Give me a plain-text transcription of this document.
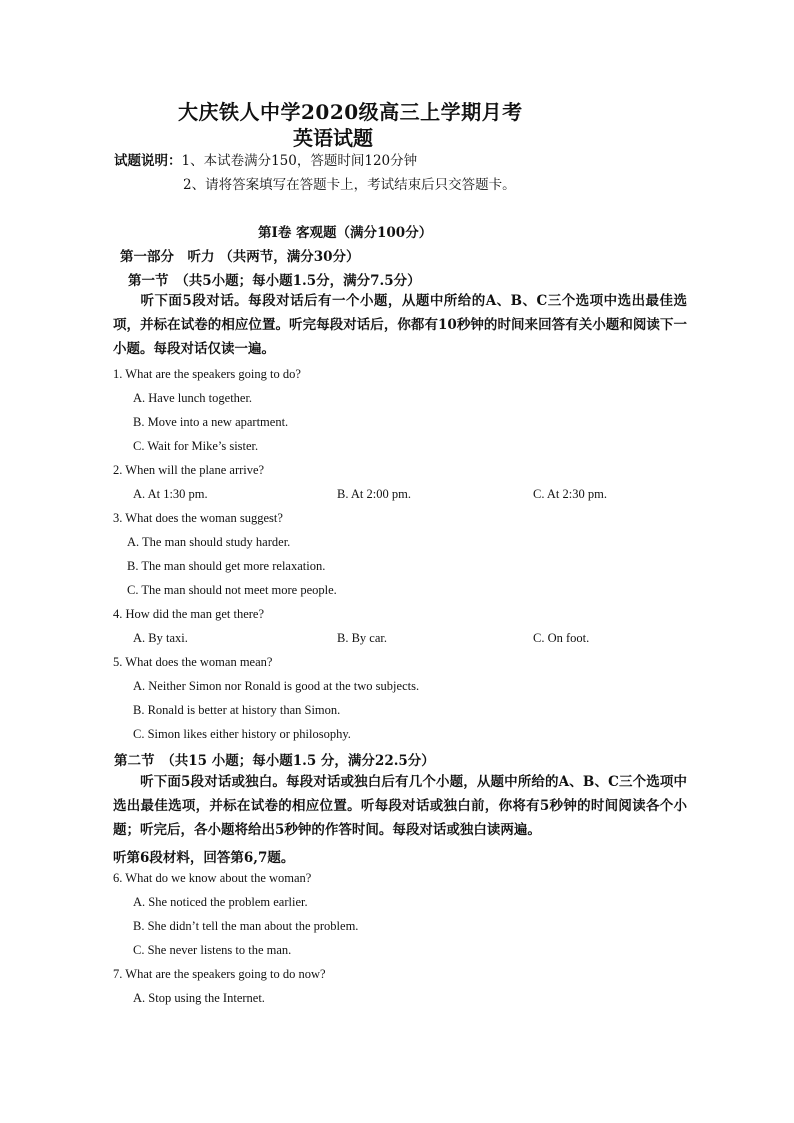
大庆铁人中学2020级高三上学期月考
英语试题
试题说明：1、本试卷满分150，答题时间120分钟
2、请将答案填写在答题卡上，考试结束后只交答题卡。
第I卷 客观题（满分100分）
第一部分　听力 （共两节，满分30分）
第一节　（共5小题；每小题1.5分，满分7.5分）
听下面5段对话。每段对话后有一个小题，从题中所给的A、B、C三个选项中选出最佳选项，并标在试卷的相应位置。听完每段对话后，你都有10秒钟的时间来回答有关小题和阅读下一小题。每段对话仅读一遍。
1. What are the speakers going to do?
A. Have lunch together.
B. Move into a new apartment.
C. Wait for Mike’s sister.
2. When will the plane arrive?
A. At 1:30 pm.	B. At 2:00 pm.	C. At 2:30 pm.
3. What does the woman suggest?
A. The man should study harder.
B. The man should get more relaxation.
C. The man should not meet more people.
4. How did the man get there?
A. By taxi.	B. By car.	C. On foot.
5. What does the woman mean?
A. Neither Simon nor Ronald is good at the two subjects.
B. Ronald is better at history than Simon.
C. Simon likes either history or philosophy.
第二节　（共15 小题；每小题1.5 分，满分22.5分）
听下面5段对话或独白。每段对话或独白后有几个小题，从题中所给的A、B、C三个选项中选出最佳选项，并标在试卷的相应位置。听每段对话或独白前，你将有5秒钟的时间阅读各个小题；听完后，各小题将给出5秒钟的作答时间。每段对话或独白读两遍。
听第6段材料，回答第6,7题。
6. What do we know about the woman?
A. She noticed the problem earlier.
B. She didn’t tell the man about the problem.
C. She never listens to the man.
7. What are the speakers going to do now?
A. Stop using the Internet.
